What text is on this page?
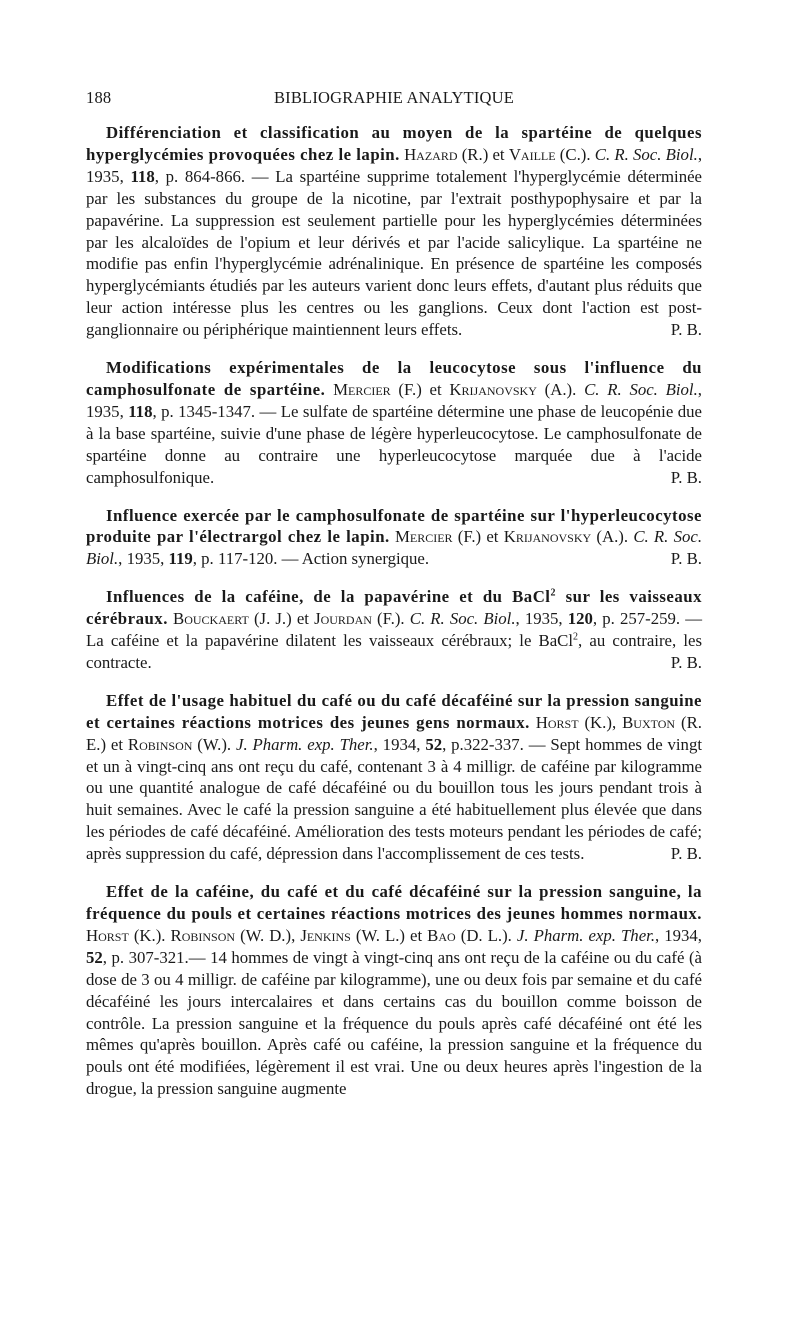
188	BIBLIOGRAPHIE ANALYTIQUE

Différenciation et classification au moyen de la spartéine de quelques hyperglycémies provoquées chez le lapin. Hazard (R.) et Vaille (C.). C. R. Soc. Biol., 1935, 118, p. 864-866. — La spartéine supprime totalement l'hyperglycémie déterminée par les substances du groupe de la nicotine, par l'extrait posthypophysaire et par la papavérine. La suppression est seulement partielle pour les hyperglycémies déterminées par les alcaloïdes de l'opium et leur dérivés et par l'acide salicylique. La spartéine ne modifie pas enfin l'hyperglycémie adrénalinique. En présence de spartéine les composés hyperglycémiants étudiés par les auteurs varient donc leurs effets, d'autant plus réduits que leur action intéresse plus les centres ou les ganglions. Ceux dont l'action est post-ganglionnaire ou périphérique maintiennent leurs effets.	P. B.

Modifications expérimentales de la leucocytose sous l'influence du camphosulfonate de spartéine. Mercier (F.) et Krijanovsky (A.). C. R. Soc. Biol., 1935, 118, p. 1345-1347. — Le sulfate de spartéine détermine une phase de leucopénie due à la base spartéine, suivie d'une phase de légère hyperleucocytose. Le camphosulfonate de spartéine donne au contraire une hyperleucocytose marquée due à l'acide camphosulfonique.	P. B.

Influence exercée par le camphosulfonate de spartéine sur l'hyperleucocytose produite par l'électrargol chez le lapin. Mercier (F.) et Krijanovsky (A.). C. R. Soc. Biol., 1935, 119, p. 117-120. — Action synergique.	P. B.

Influences de la caféine, de la papavérine et du BaCl$^2$ sur les vaisseaux cérébraux. Bouckaert (J. J.) et Jourdan (F.). C. R. Soc. Biol., 1935, 120, p. 257-259. — La caféine et la papavérine dilatent les vaisseaux cérébraux; le BaCl$^2$, au contraire, les contracte.	P. B.

Effet de l'usage habituel du café ou du café décaféiné sur la pression sanguine et certaines réactions motrices des jeunes gens normaux. Horst (K.), Buxton (R. E.) et Robinson (W.). J. Pharm. exp. Ther., 1934, 52, p.322-337. — Sept hommes de vingt et un à vingt-cinq ans ont reçu du café, contenant 3 à 4 milligr. de caféine par kilogramme ou une quantité analogue de café décaféiné ou du bouillon tous les jours pendant trois à huit semaines. Avec le café la pression sanguine a été habituellement plus élevée que dans les périodes de café décaféiné. Amélioration des tests moteurs pendant les périodes de café; après suppression du café, dépression dans l'accomplissement de ces tests.	P. B.

Effet de la caféine, du café et du café décaféiné sur la pression sanguine, la fréquence du pouls et certaines réactions motrices des jeunes hommes normaux. Horst (K.). Robinson (W. D.), Jenkins (W. L.) et Bao (D. L.). J. Pharm. exp. Ther., 1934, 52, p. 307-321.— 14 hommes de vingt à vingt-cinq ans ont reçu de la caféine ou du café (à dose de 3 ou 4 milligr. de caféine par kilogramme), une ou deux fois par semaine et du café décaféiné les jours intercalaires et dans certains cas du bouillon comme boisson de contrôle. La pression sanguine et la fréquence du pouls après café décaféiné ont été les mêmes qu'après bouillon. Après café ou caféine, la pression sanguine et la fréquence du pouls ont été modifiées, légèrement il est vrai. Une ou deux heures après l'ingestion de la drogue, la pression sanguine augmente
